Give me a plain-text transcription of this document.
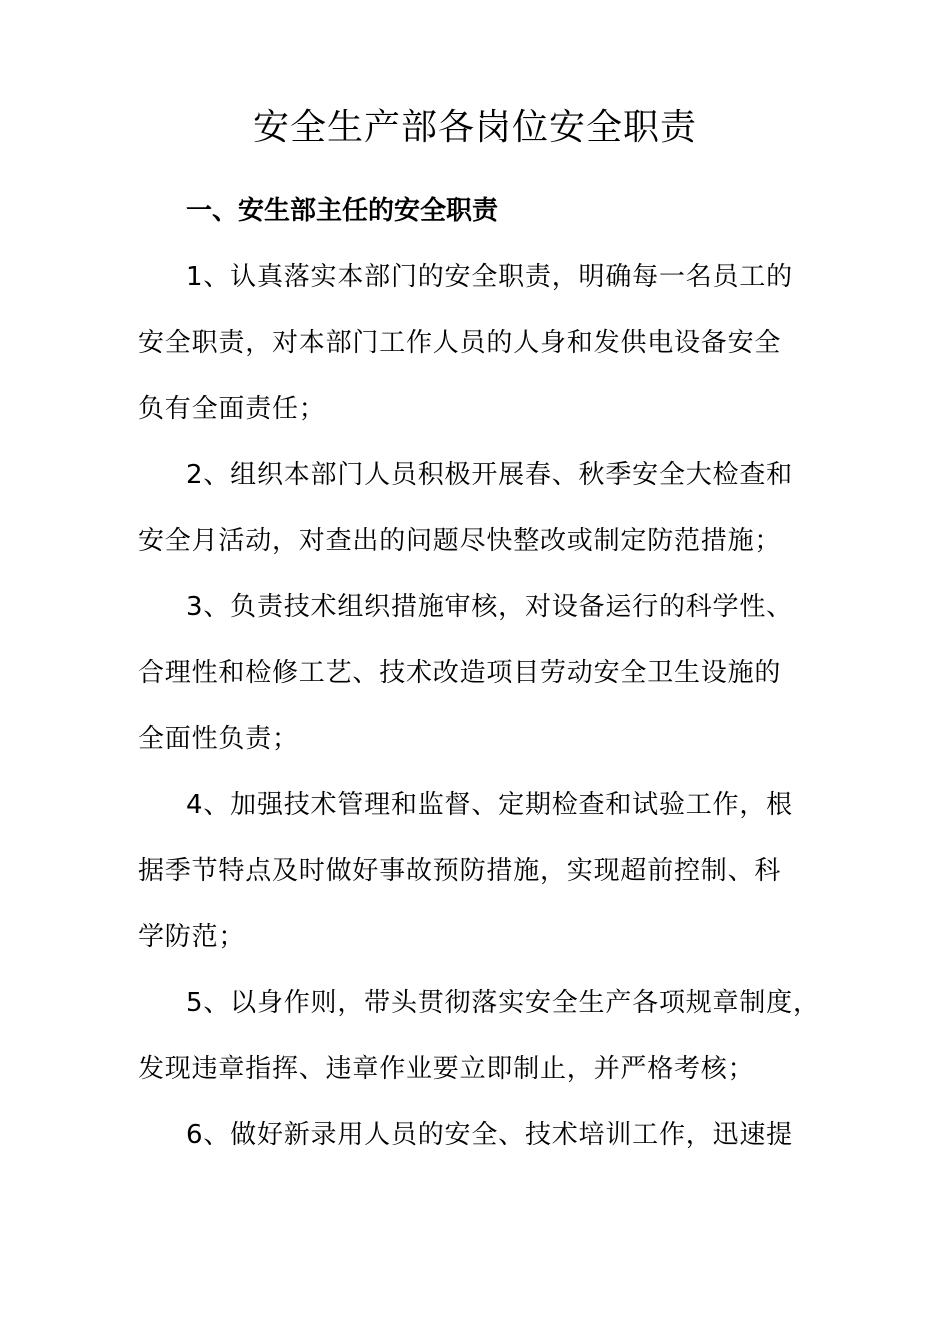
安全生产部各岗位安全职责
一、安生部主任的安全职责

1、认真落实本部门的安全职责，明确每一名员工的
安全职责，对本部门工作人员的人身和发供电设备安全
负有全面责任；

2、组织本部门人员积极开展春、秋季安全大检查和
安全月活动，对查出的问题尽快整改或制定防范措施；

3、负责技术组织措施审核，对设备运行的科学性、
合理性和检修工艺、技术改造项目劳动安全卫生设施的
全面性负责；

4、加强技术管理和监督、定期检查和试验工作，根
据季节特点及时做好事故预防措施，实现超前控制、科
学防范；

5、以身作则，带头贯彻落实安全生产各项规章制度，
发现违章指挥、违章作业要立即制止，并严格考核；

6、做好新录用人员的安全、技术培训工作，迅速提
